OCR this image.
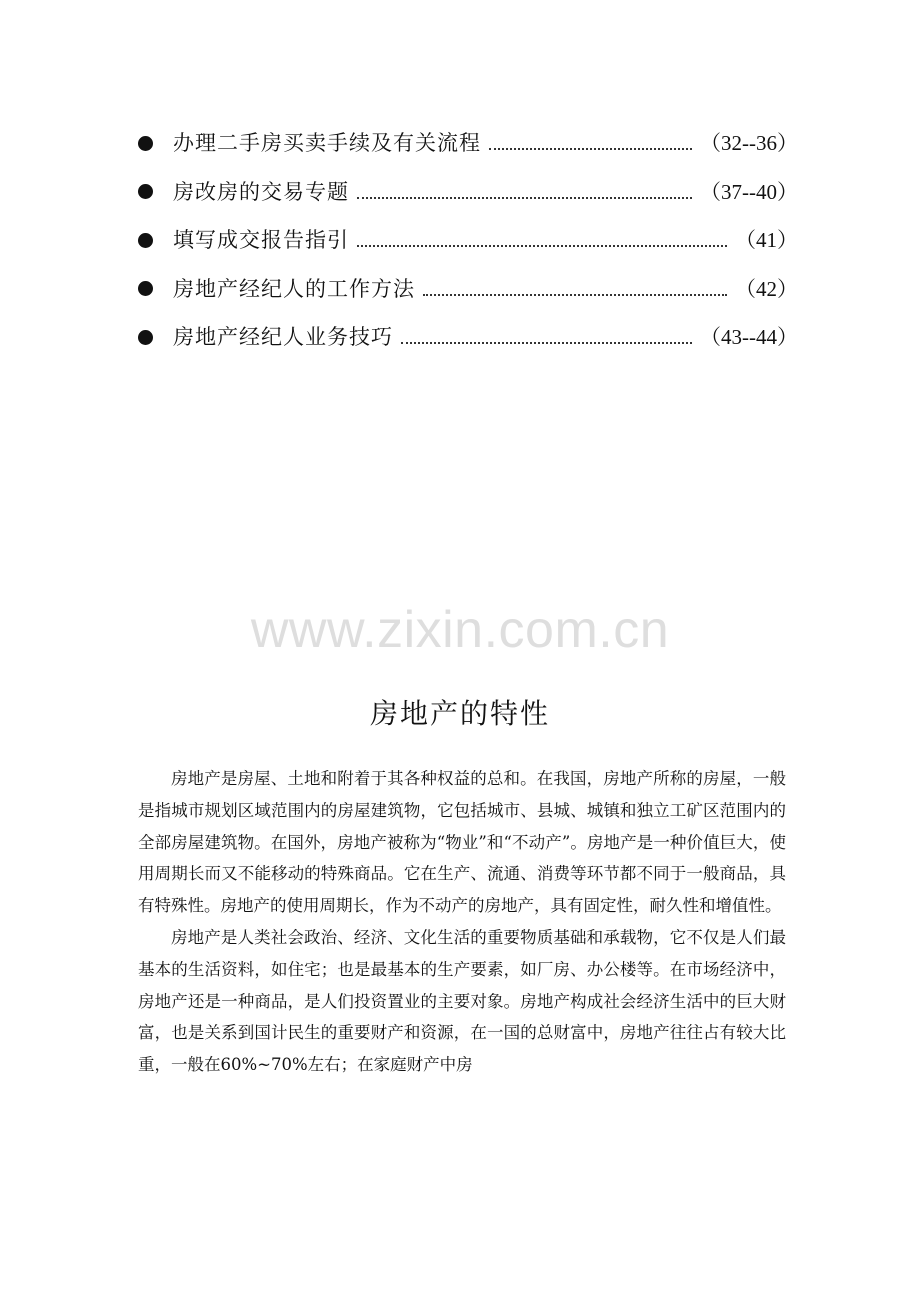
办理二手房买卖手续及有关流程	（32--36）
房改房的交易专题	（37--40）
填写成交报告指引	（41）
房地产经纪人的工作方法	（42）
房地产经纪人业务技巧	（43--44）
www.zixin.com.cn
房地产的特性

房地产是房屋、土地和附着于其各种权益的总和。在我国，房地产所称的房屋，一般是指城市规划区域范围内的房屋建筑物，它包括城市、县城、城镇和独立工矿区范围内的全部房屋建筑物。在国外，房地产被称为“物业”和“不动产”。房地产是一种价值巨大，使用周期长而又不能移动的特殊商品。它在生产、流通、消费等环节都不同于一般商品，具有特殊性。房地产的使用周期长，作为不动产的房地产，具有固定性，耐久性和增值性。

房地产是人类社会政治、经济、文化生活的重要物质基础和承载物，它不仅是人们最基本的生活资料，如住宅；也是最基本的生产要素，如厂房、办公楼等。在市场经济中，房地产还是一种商品，是人们投资置业的主要对象。房地产构成社会经济生活中的巨大财富，也是关系到国计民生的重要财产和资源，在一国的总财富中，房地产往往占有较大比重，一般在60%~70%左右；在家庭财产中房
